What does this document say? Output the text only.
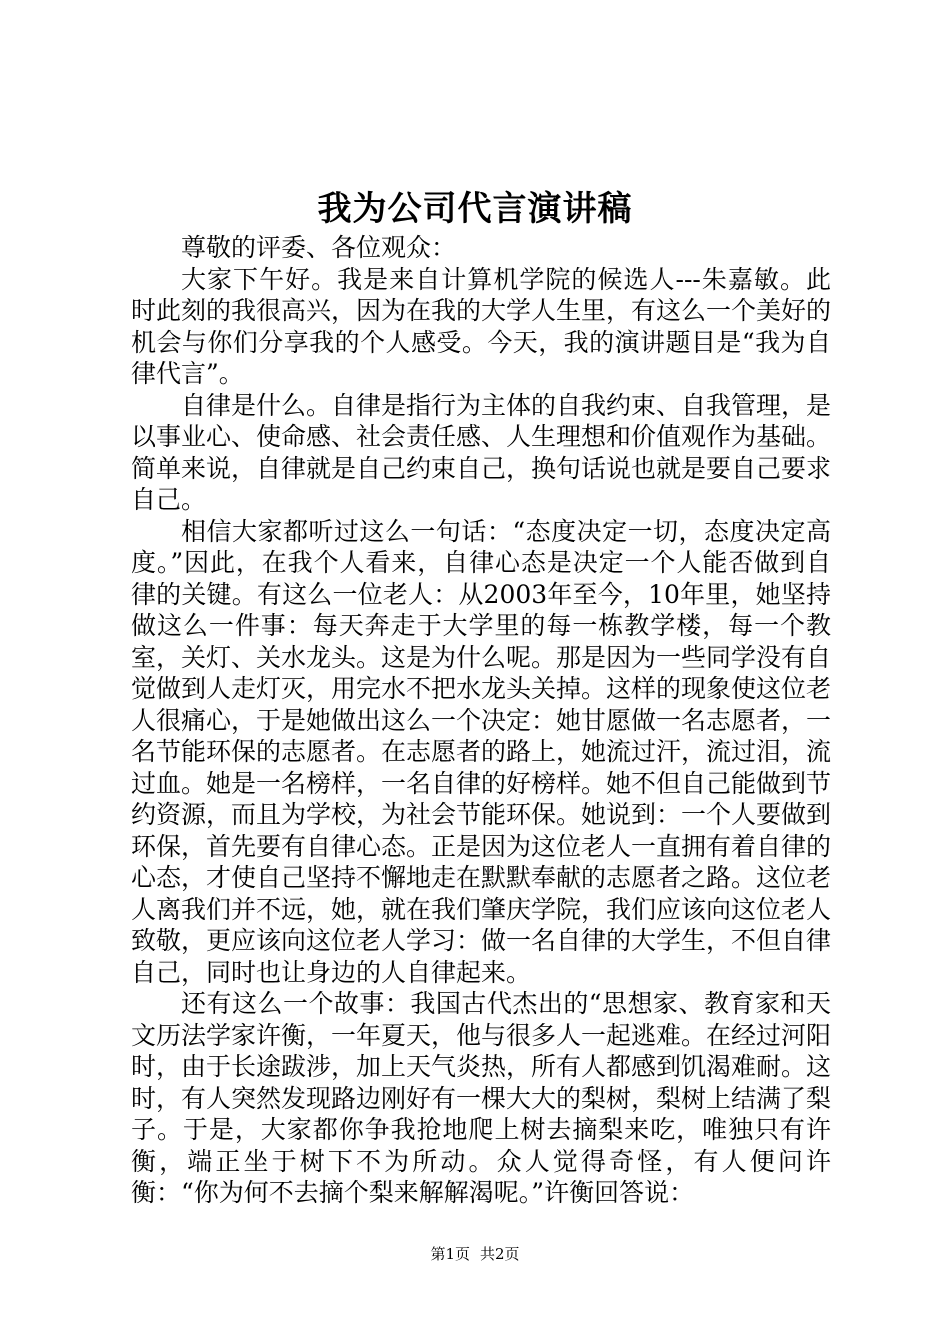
我为公司代言演讲稿

尊敬的评委、各位观众：

大家下午好。我是来自计算机学院的候选人---朱嘉敏。此时此刻的我很高兴，因为在我的大学人生里，有这么一个美好的机会与你们分享我的个人感受。今天，我的演讲题目是“我为自律代言”。

自律是什么。自律是指行为主体的自我约束、自我管理，是以事业心、使命感、社会责任感、人生理想和价值观作为基础。简单来说，自律就是自己约束自己，换句话说也就是要自己要求自己。

相信大家都听过这么一句话：“态度决定一切，态度决定高度。”因此，在我个人看来，自律心态是决定一个人能否做到自律的关键。有这么一位老人：从2003年至今，10年里，她坚持做这么一件事：每天奔走于大学里的每一栋教学楼，每一个教室，关灯、关水龙头。这是为什么呢。那是因为一些同学没有自觉做到人走灯灭，用完水不把水龙头关掉。这样的现象使这位老人很痛心，于是她做出这么一个决定：她甘愿做一名志愿者，一名节能环保的志愿者。在志愿者的路上，她流过汗，流过泪，流过血。她是一名榜样，一名自律的好榜样。她不但自己能做到节约资源，而且为学校，为社会节能环保。她说到：一个人要做到环保，首先要有自律心态。正是因为这位老人一直拥有着自律的心态，才使自己坚持不懈地走在默默奉献的志愿者之路。这位老人离我们并不远，她，就在我们肇庆学院，我们应该向这位老人致敬，更应该向这位老人学习：做一名自律的大学生，不但自律自己，同时也让身边的人自律起来。

还有这么一个故事：我国古代杰出的“思想家、教育家和天文历法学家许衡，一年夏天，他与很多人一起逃难。在经过河阳时，由于长途跋涉，加上天气炎热，所有人都感到饥渴难耐。这时，有人突然发现路边刚好有一棵大大的梨树，梨树上结满了梨子。于是，大家都你争我抢地爬上树去摘梨来吃，唯独只有许衡，端正坐于树下不为所动。众人觉得奇怪，有人便问许衡：“你为何不去摘个梨来解解渴呢。”许衡回答说：

第1页 共2页
